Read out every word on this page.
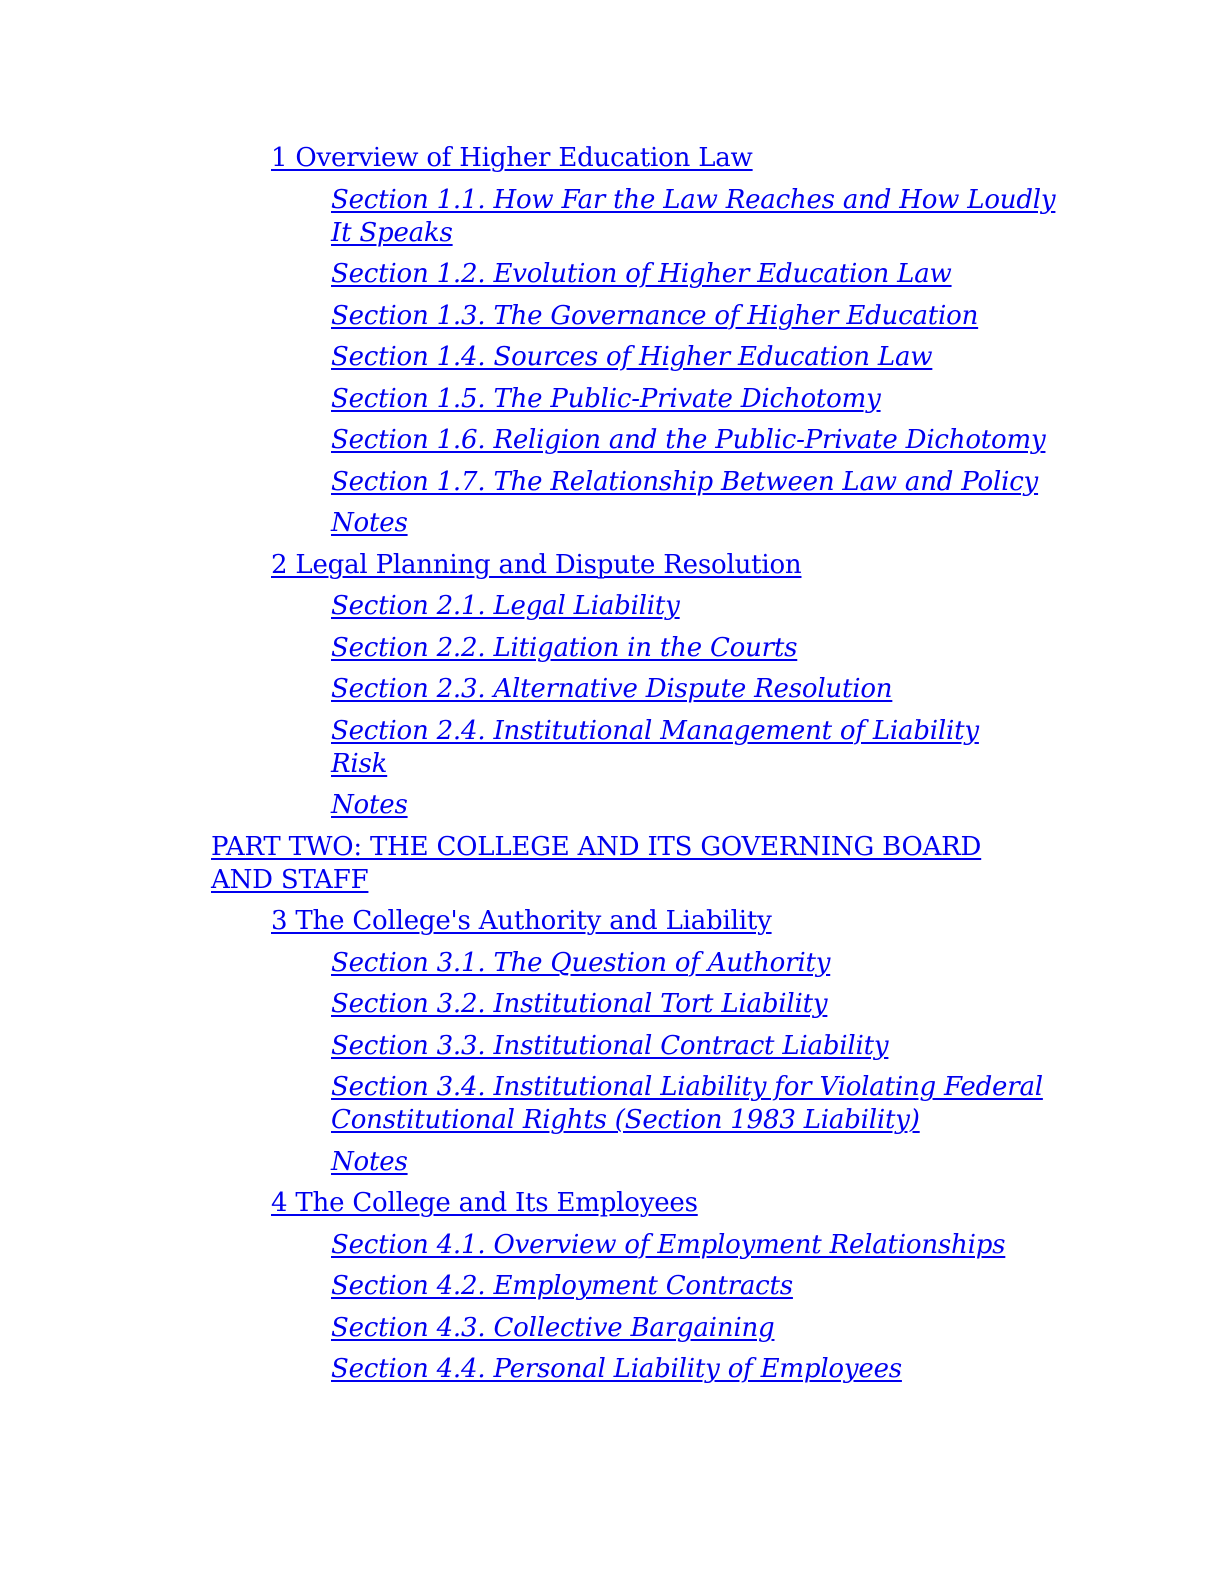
1 Overview of Higher Education Law
Section 1.1. How Far the Law Reaches and How Loudly It Speaks
Section 1.2. Evolution of Higher Education Law
Section 1.3. The Governance of Higher Education
Section 1.4. Sources of Higher Education Law
Section 1.5. The Public-Private Dichotomy
Section 1.6. Religion and the Public-Private Dichotomy
Section 1.7. The Relationship Between Law and Policy
Notes
2 Legal Planning and Dispute Resolution
Section 2.1. Legal Liability
Section 2.2. Litigation in the Courts
Section 2.3. Alternative Dispute Resolution
Section 2.4. Institutional Management of Liability Risk
Notes
PART TWO: THE COLLEGE AND ITS GOVERNING BOARD AND STAFF
3 The College's Authority and Liability
Section 3.1. The Question of Authority
Section 3.2. Institutional Tort Liability
Section 3.3. Institutional Contract Liability
Section 3.4. Institutional Liability for Violating Federal Constitutional Rights (Section 1983 Liability)
Notes
4 The College and Its Employees
Section 4.1. Overview of Employment Relationships
Section 4.2. Employment Contracts
Section 4.3. Collective Bargaining
Section 4.4. Personal Liability of Employees
